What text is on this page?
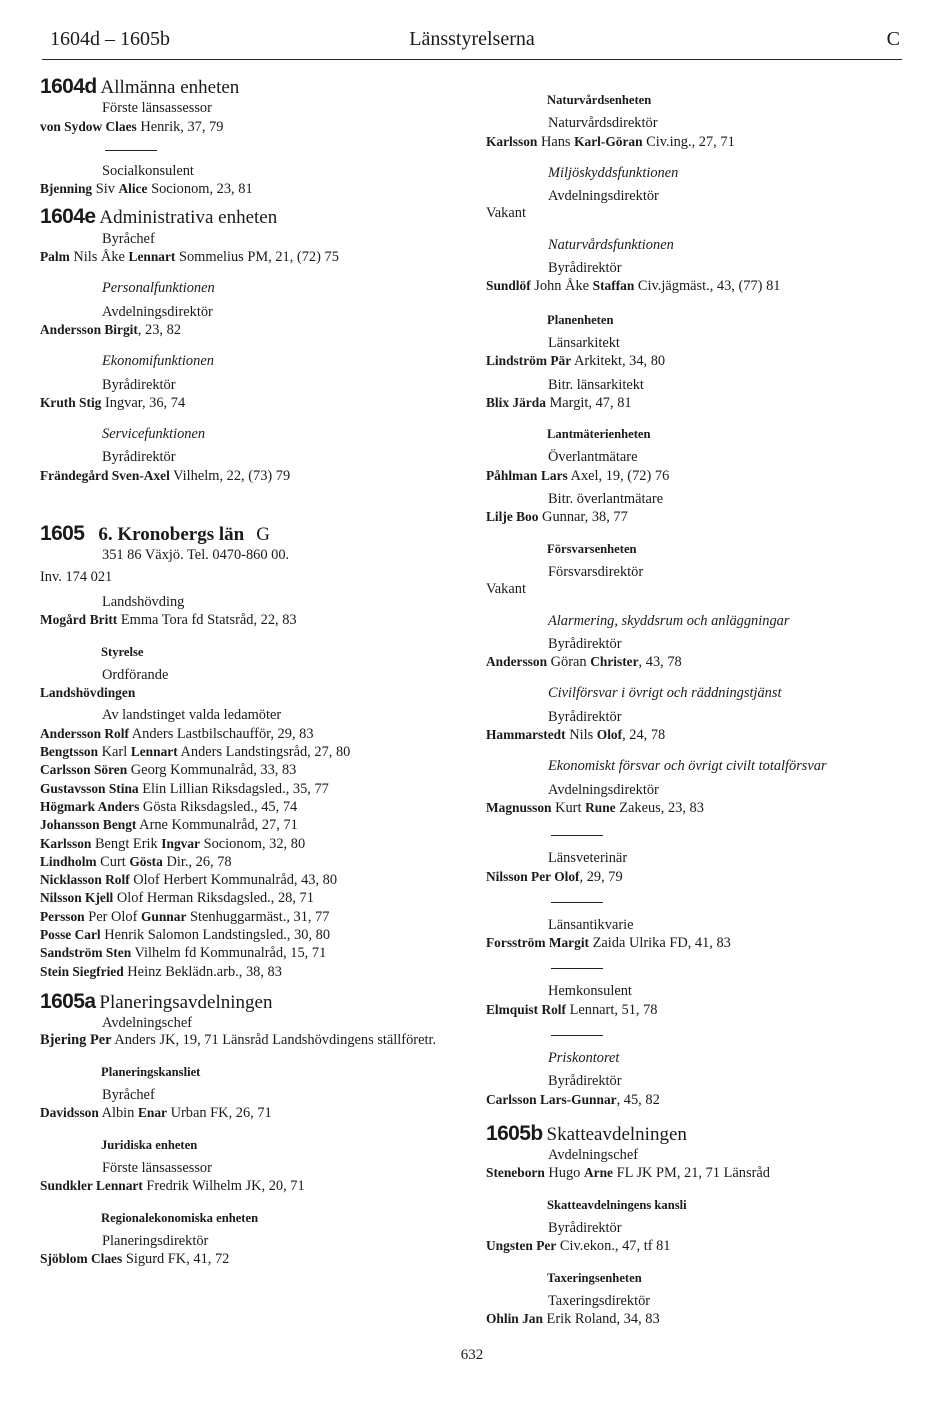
1604d – 1605b	Länsstyrelserna	C
1604d Allmänna enheten
Förste länsassessor
von Sydow Claes Henrik, 37, 79
Socialkonsulent
Bjenning Siv Alice Socionom, 23, 81
1604e Administrativa enheten
Byråchef
Palm Nils Åke Lennart Sommelius PM, 21, (72) 75
Personalfunktionen
Avdelningsdirektör
Andersson Birgit, 23, 82
Ekonomifunktionen
Byrådirektör
Kruth Stig Ingvar, 36, 74
Servicefunktionen
Byrådirektör
Frändegård Sven-Axel Vilhelm, 22, (73) 79
1605 6. Kronobergs län G
351 86 Växjö. Tel. 0470-860 00.
Inv. 174 021
Landshövding
Mogård Britt Emma Tora fd Statsråd, 22, 83
Styrelse
Ordförande
Landshövdingen
Av landstinget valda ledamöter
Andersson Rolf Anders Lastbilschaufför, 29, 83
Bengtsson Karl Lennart Anders Landstingsråd, 27, 80
Carlsson Sören Georg Kommunalråd, 33, 83
Gustavsson Stina Elin Lillian Riksdagsled., 35, 77
Högmark Anders Gösta Riksdagsled., 45, 74
Johansson Bengt Arne Kommunalråd, 27, 71
Karlsson Bengt Erik Ingvar Socionom, 32, 80
Lindholm Curt Gösta Dir., 26, 78
Nicklasson Rolf Olof Herbert Kommunalråd, 43, 80
Nilsson Kjell Olof Herman Riksdagsled., 28, 71
Persson Per Olof Gunnar Stenhuggarmäst., 31, 77
Posse Carl Henrik Salomon Landstingsled., 30, 80
Sandström Sten Vilhelm fd Kommunalråd, 15, 71
Stein Siegfried Heinz Beklädn.arb., 38, 83
1605a Planeringsavdelningen
Avdelningschef
Bjering Per Anders JK, 19, 71 Länsråd Landshövdingens ställföretr.
Planeringskansliet
Byråchef
Davidsson Albin Enar Urban FK, 26, 71
Juridiska enheten
Förste länsassessor
Sundkler Lennart Fredrik Wilhelm JK, 20, 71
Regionalekonomiska enheten
Planeringsdirektör
Sjöblom Claes Sigurd FK, 41, 72
Naturvårdsenheten
Naturvårdsdirektör
Karlsson Hans Karl-Göran Civ.ing., 27, 71
Miljöskyddsfunktionen
Avdelningsdirektör
Vakant
Naturvårdsfunktionen
Byrådirektör
Sundlöf John Åke Staffan Civ.jägmäst., 43, (77) 81
Planenheten
Länsarkitekt
Lindström Pär Arkitekt, 34, 80
Bitr. länsarkitekt
Blix Järda Margit, 47, 81
Lantmäterienheten
Överlantmätare
Påhlman Lars Axel, 19, (72) 76
Bitr. överlantmätare
Lilje Boo Gunnar, 38, 77
Försvarsenheten
Försvarsdirektör
Vakant
Alarmering, skyddsrum och anläggningar
Byrådirektör
Andersson Göran Christer, 43, 78
Civilförsvar i övrigt och räddningstjänst
Byrådirektör
Hammarstedt Nils Olof, 24, 78
Ekonomiskt försvar och övrigt civilt totalförsvar
Avdelningsdirektör
Magnusson Kurt Rune Zakeus, 23, 83
Länsveterinär
Nilsson Per Olof, 29, 79
Länsantikvarie
Forsström Margit Zaida Ulrika FD, 41, 83
Hemkonsulent
Elmquist Rolf Lennart, 51, 78
Priskontoret
Byrådirektör
Carlsson Lars-Gunnar, 45, 82
1605b Skatteavdelningen
Avdelningschef
Steneborn Hugo Arne FL JK PM, 21, 71 Länsråd
Skatteavdelningens kansli
Byrådirektör
Ungsten Per Civ.ekon., 47, tf 81
Taxeringsenheten
Taxeringsdirektör
Ohlin Jan Erik Roland, 34, 83
632
